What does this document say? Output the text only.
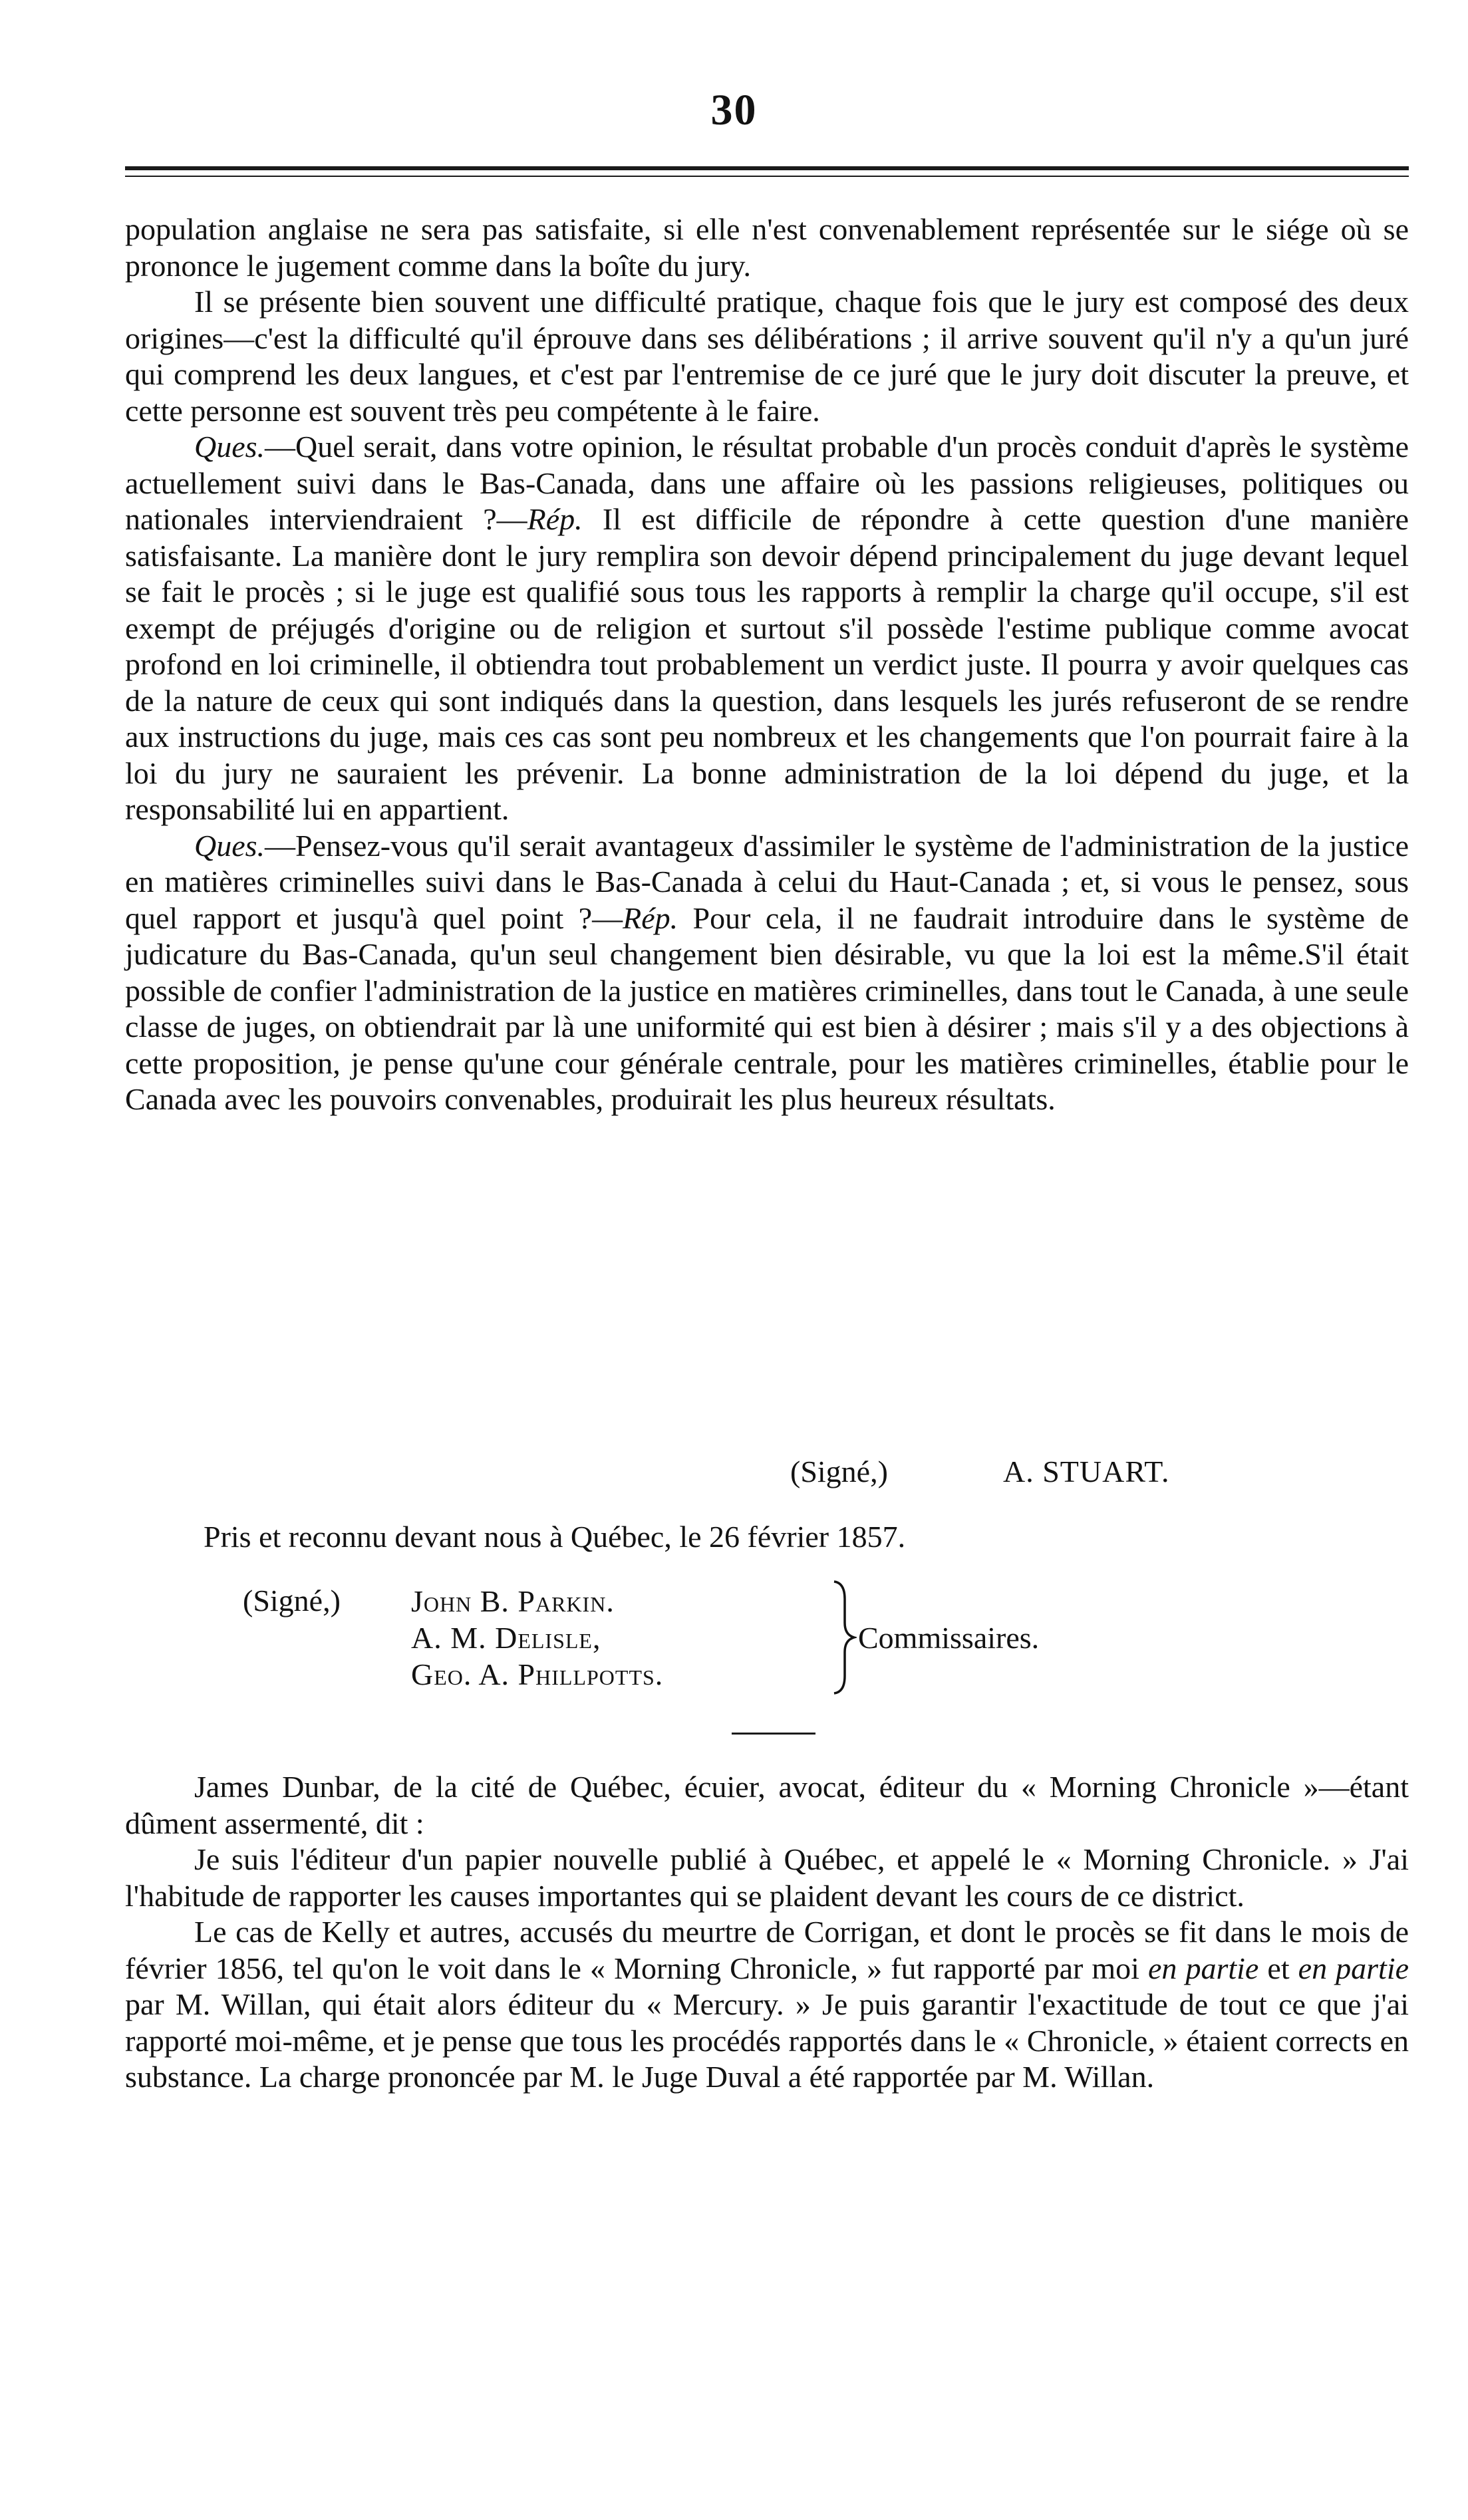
30

population anglaise ne sera pas satisfaite, si elle n'est convenablement représentée sur le siége où se prononce le jugement comme dans la boîte du jury.

Il se présente bien souvent une difficulté pratique, chaque fois que le jury est composé des deux origines—c'est la difficulté qu'il éprouve dans ses délibérations ; il arrive souvent qu'il n'y a qu'un juré qui comprend les deux langues, et c'est par l'entremise de ce juré que le jury doit discuter la preuve, et cette personne est souvent très peu compétente à le faire.

Ques.—Quel serait, dans votre opinion, le résultat probable d'un procès conduit d'après le système actuellement suivi dans le Bas-Canada, dans une affaire où les passions religieuses, politiques ou nationales interviendraient ?—Rép. Il est difficile de répondre à cette question d'une manière satisfaisante. La manière dont le jury remplira son devoir dépend principalement du juge devant lequel se fait le procès ; si le juge est qualifié sous tous les rapports à remplir la charge qu'il occupe, s'il est exempt de préjugés d'origine ou de religion et surtout s'il possède l'estime publique comme avocat profond en loi criminelle, il obtiendra tout probablement un verdict juste. Il pourra y avoir quelques cas de la nature de ceux qui sont indiqués dans la question, dans lesquels les jurés refuseront de se rendre aux instructions du juge, mais ces cas sont peu nombreux et les changements que l'on pourrait faire à la loi du jury ne sauraient les prévenir. La bonne administration de la loi dépend du juge, et la responsabilité lui en appartient.

Ques.—Pensez-vous qu'il serait avantageux d'assimiler le système de l'administration de la justice en matières criminelles suivi dans le Bas-Canada à celui du Haut-Canada ; et, si vous le pensez, sous quel rapport et jusqu'à quel point ?—Rép. Pour cela, il ne faudrait introduire dans le système de judicature du Bas-Canada, qu'un seul changement bien désirable, vu que la loi est la même.S'il était possible de confier l'administration de la justice en matières criminelles, dans tout le Canada, à une seule classe de juges, on obtiendrait par là une uniformité qui est bien à désirer ; mais s'il y a des objections à cette proposition, je pense qu'une cour générale centrale, pour les matières criminelles, établie pour le Canada avec les pouvoirs convenables, produirait les plus heureux résultats.

(Signé,)	A. STUART.
Pris et reconnu devant nous à Québec, le 26 février 1857.
(Signé,) John B. Parkin.
A. M. Delisle,
Geo. A. Phillpotts.
Commissaires.

James Dunbar, de la cité de Québec, écuier, avocat, éditeur du « Morning Chronicle »—étant dûment assermenté, dit :

Je suis l'éditeur d'un papier nouvelle publié à Québec, et appelé le « Morning Chronicle. » J'ai l'habitude de rapporter les causes importantes qui se plaident devant les cours de ce district.

Le cas de Kelly et autres, accusés du meurtre de Corrigan, et dont le procès se fit dans le mois de février 1856, tel qu'on le voit dans le « Morning Chronicle, » fut rapporté par moi en partie et en partie par M. Willan, qui était alors éditeur du « Mercury. » Je puis garantir l'exactitude de tout ce que j'ai rapporté moi-même, et je pense que tous les procédés rapportés dans le « Chronicle, » étaient corrects en substance. La charge prononcée par M. le Juge Duval a été rapportée par M. Willan.
